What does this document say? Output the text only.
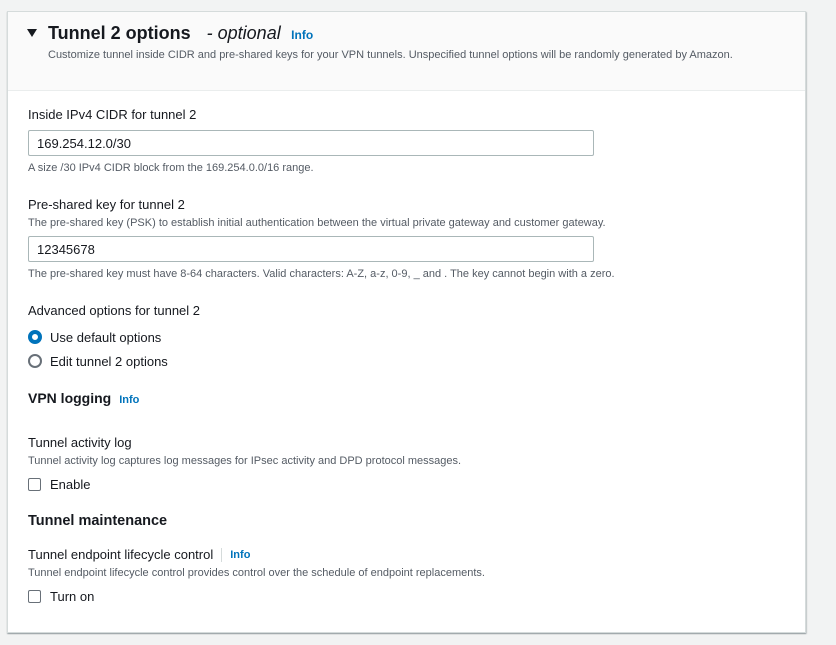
Tunnel 2 options - optional Info
Customize tunnel inside CIDR and pre-shared keys for your VPN tunnels. Unspecified tunnel options will be randomly generated by Amazon.
Inside IPv4 CIDR for tunnel 2
169.254.12.0/30
A size /30 IPv4 CIDR block from the 169.254.0.0/16 range.
Pre-shared key for tunnel 2
The pre-shared key (PSK) to establish initial authentication between the virtual private gateway and customer gateway.
12345678
The pre-shared key must have 8-64 characters. Valid characters: A-Z, a-z, 0-9, _ and . The key cannot begin with a zero.
Advanced options for tunnel 2
Use default options
Edit tunnel 2 options
VPN logging Info
Tunnel activity log
Tunnel activity log captures log messages for IPsec activity and DPD protocol messages.
Enable
Tunnel maintenance
Tunnel endpoint lifecycle control Info
Tunnel endpoint lifecycle control provides control over the schedule of endpoint replacements.
Turn on
